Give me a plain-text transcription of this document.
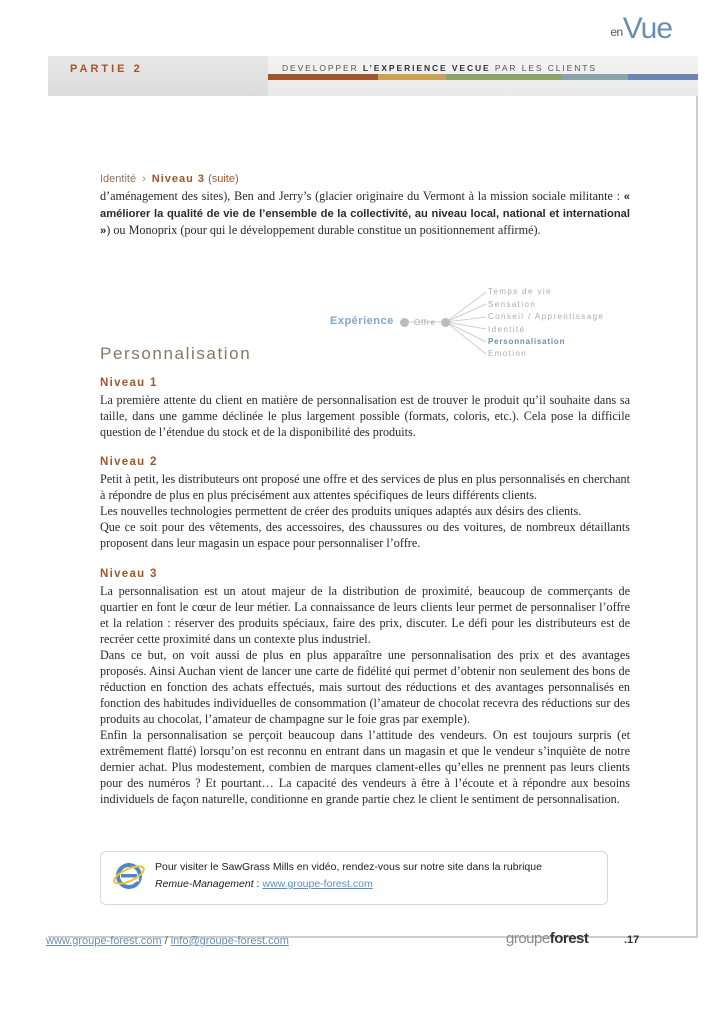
enVue
PARTIE 2	DEVELOPPER L’EXPERIENCE VECUE PAR LES CLIENTS
Identité › Niveau 3 (suite)
d’aménagement des sites), Ben and Jerry’s (glacier originaire du Vermont à la mission sociale militante : « améliorer la qualité de vie de l’ensemble de la collectivité, au niveau local, national et international ») ou Monoprix (pour qui le développement durable constitue un positionnement affirmé).
Expérience	Offre
Temps de vie
Sensation
Conseil / Apprentissage
Identité
Personnalisation
Emotion
Personnalisation
Niveau 1
La première attente du client en matière de personnalisation est de trouver le produit qu’il souhaite dans sa taille, dans une gamme déclinée le plus largement possible (formats, coloris, etc.). Cela pose la difficile question de l’étendue du stock et de la disponibilité des produits.
Niveau 2
Petit à petit, les distributeurs ont proposé une offre et des services de plus en plus personnalisés en cherchant à répondre de plus en plus précisément aux attentes spécifiques de leurs différents clients.
Les nouvelles technologies permettent de créer des produits uniques adaptés aux désirs des clients.
Que ce soit pour des vêtements, des accessoires, des chaussures ou des voitures, de nombreux détaillants proposent dans leur magasin un espace pour personnaliser l’offre.
Niveau 3
La personnalisation est un atout majeur de la distribution de proximité, beaucoup de commerçants de quartier en font le cœur de leur métier. La connaissance de leurs clients leur permet de personnaliser l’offre et la relation : réserver des produits spéciaux, faire des prix, discuter. Le défi pour les distributeurs est de recréer cette proximité dans un contexte plus industriel.
Dans ce but, on voit aussi de plus en plus apparaître une personnalisation des prix et des avantages proposés. Ainsi Auchan vient de lancer une carte de fidélité qui permet d’obtenir non seulement des bons de réduction en fonction des achats effectués, mais surtout des réductions et des avantages personnalisés en fonction des habitudes individuelles de consommation (l’amateur de chocolat recevra des réductions sur des produits au chocolat, l’amateur de champagne sur le foie gras par exemple).
Enfin la personnalisation se perçoit beaucoup dans l’attitude des vendeurs. On est toujours surpris (et extrêmement flatté) lorsqu’on est reconnu en entrant dans un magasin et que le vendeur s’inquiète de notre dernier achat. Plus modestement, combien de marques clament-elles qu’elles ne prennent pas leurs clients pour des numéros ? Et pourtant… La capacité des vendeurs à être à l’écoute et à répondre aux besoins individuels de façon naturelle, conditionne en grande partie chez le client le sentiment de personnalisation.
Pour visiter le SawGrass Mills en vidéo, rendez-vous sur notre site dans la rubrique
Remue-Management : www.groupe-forest.com
www.groupe-forest.com / info@groupe-forest.com	groupeforest	.17
